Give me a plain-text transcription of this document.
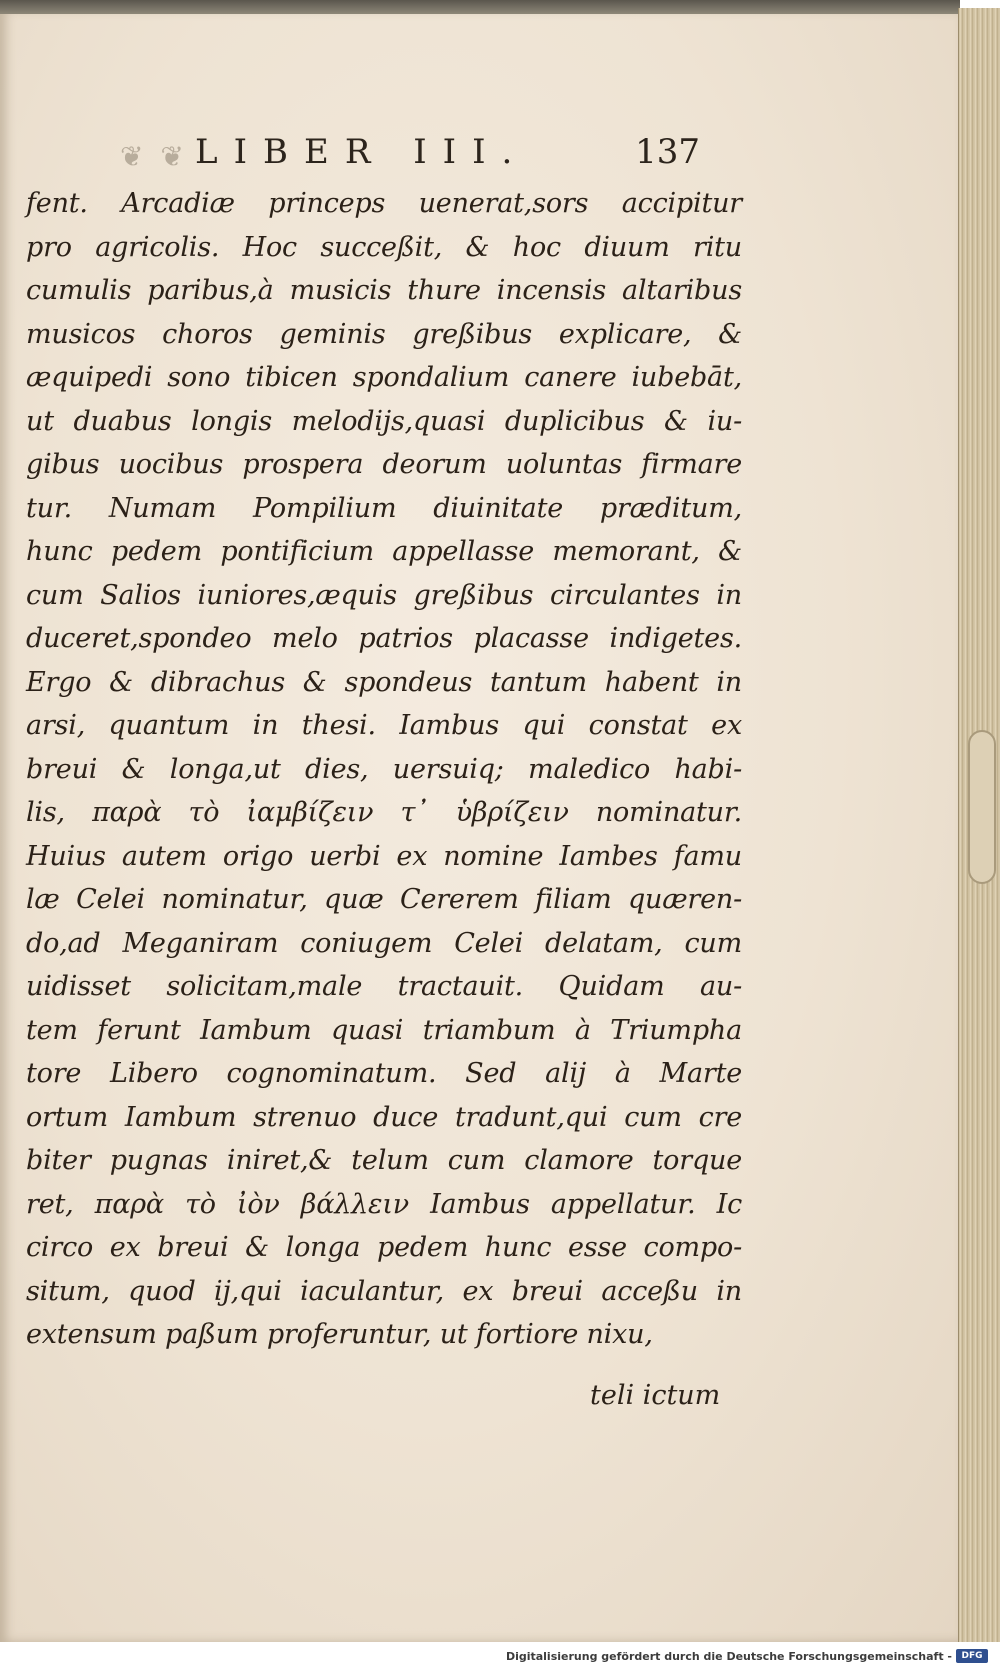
❦ ❦ LIBER III.	137
fent. Arcadiæ princeps uenerat,sors accipitur
pro agricolis. Hoc succeßit, & hoc diuum ritu
cumulis paribus,à musicis thure incensis altaribus
musicos choros geminis greßibus explicare, &
æquipedi sono tibicen spondalium canere iubebāt,
ut duabus longis melodijs,quasi duplicibus & iu-
gibus uocibus prospera deorum uoluntas firmare
tur. Numam Pompilium diuinitate præditum,
hunc pedem pontificium appellasse memorant, &
cum Salios iuniores,æquis greßibus circulantes in
duceret,spondeo melo patrios placasse indigetes.
Ergo & dibrachus & spondeus tantum habent in
arsi, quantum in thesi. Iambus qui constat ex
breui & longa,ut dies, uersuiq; maledico habi-
lis, παρὰ τὸ ἰαμβίζειν τ᾽ ὑβρίζειν nominatur.
Huius autem origo uerbi ex nomine Iambes famu
læ Celei nominatur, quæ Cererem filiam quæren-
do,ad Meganiram coniugem Celei delatam, cum
uidisset solicitam,male tractauit. Quidam au-
tem ferunt Iambum quasi triambum à Triumpha
tore Libero cognominatum. Sed alij à Marte
ortum Iambum strenuo duce tradunt,qui cum cre
biter pugnas iniret,& telum cum clamore torque
ret, παρὰ τὸ ἰὸν βάλλειν Iambus appellatur. Ic
circo ex breui & longa pedem hunc esse compo-
situm, quod ij,qui iaculantur, ex breui acceßu in
extensum paßum proferuntur, ut fortiore nixu,
teli ictum
Digitalisierung gefördert durch die Deutsche Forschungsgemeinschaft -	DFG
